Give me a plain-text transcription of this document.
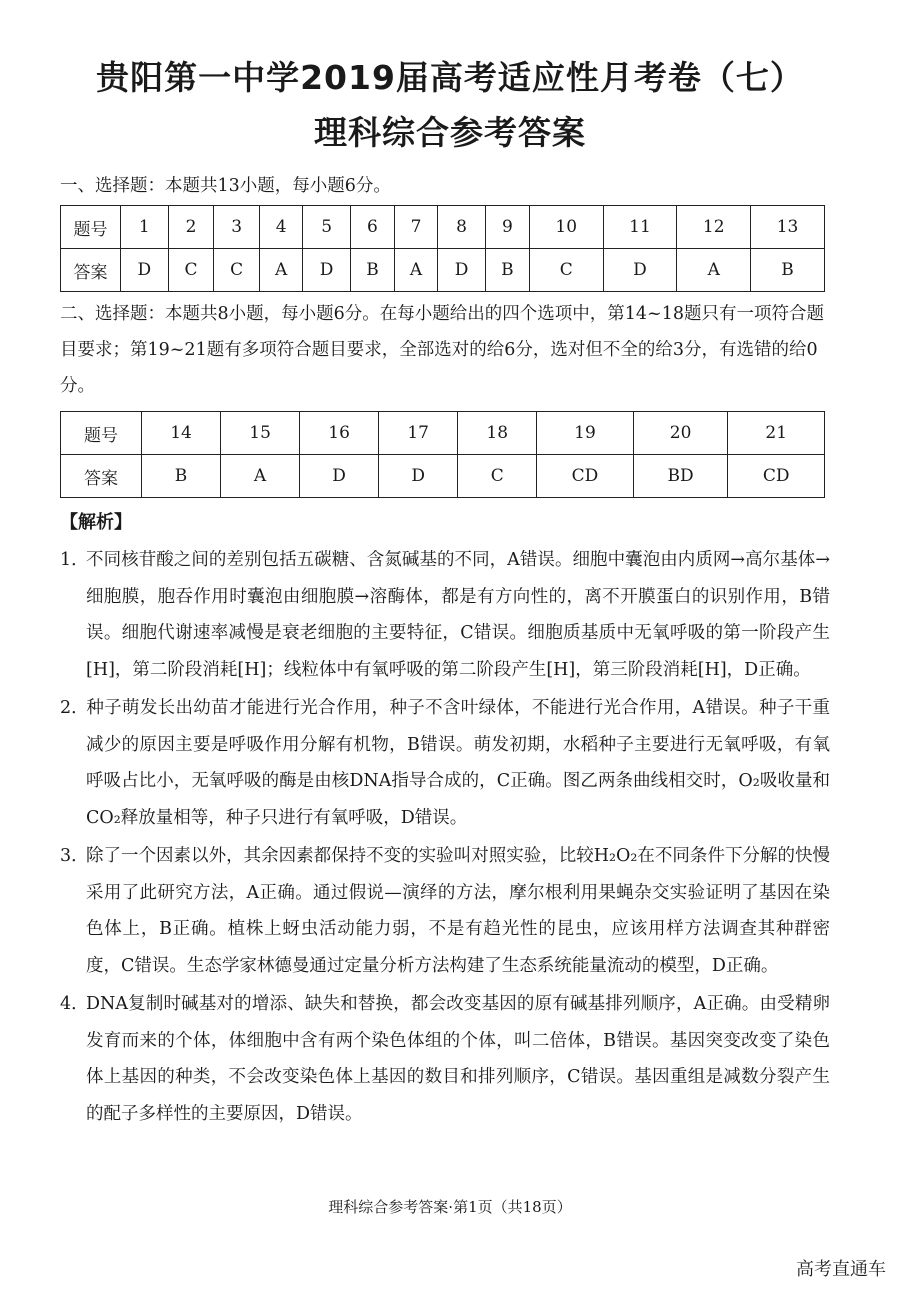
贵阳第一中学2019届高考适应性月考卷（七）
理科综合参考答案
一、选择题：本题共13小题，每小题6分。
题号	1	2	3	4	5	6	7	8	9	10	11	12	13
答案	D	C	C	A	D	B	A	D	B	C	D	A	B
二、选择题：本题共8小题，每小题6分。在每小题给出的四个选项中，第14~18题只有一项符合题目要求；第19~21题有多项符合题目要求，全部选对的给6分，选对但不全的给3分，有选错的给0分。
题号	14	15	16	17	18	19	20	21
答案	B	A	D	D	C	CD	BD	CD
【解析】
1．不同核苷酸之间的差别包括五碳糖、含氮碱基的不同，A错误。细胞中囊泡由内质网→高尔基体→细胞膜，胞吞作用时囊泡由细胞膜→溶酶体，都是有方向性的，离不开膜蛋白的识别作用，B错误。细胞代谢速率减慢是衰老细胞的主要特征，C错误。细胞质基质中无氧呼吸的第一阶段产生[H]，第二阶段消耗[H]；线粒体中有氧呼吸的第二阶段产生[H]，第三阶段消耗[H]，D正确。
2．种子萌发长出幼苗才能进行光合作用，种子不含叶绿体，不能进行光合作用，A错误。种子干重减少的原因主要是呼吸作用分解有机物，B错误。萌发初期，水稻种子主要进行无氧呼吸，有氧呼吸占比小，无氧呼吸的酶是由核DNA指导合成的，C正确。图乙两条曲线相交时，O₂吸收量和CO₂释放量相等，种子只进行有氧呼吸，D错误。
3．除了一个因素以外，其余因素都保持不变的实验叫对照实验，比较H₂O₂在不同条件下分解的快慢采用了此研究方法，A正确。通过假说—演绎的方法，摩尔根利用果蝇杂交实验证明了基因在染色体上，B正确。植株上蚜虫活动能力弱，不是有趋光性的昆虫，应该用样方法调查其种群密度，C错误。生态学家林德曼通过定量分析方法构建了生态系统能量流动的模型，D正确。
4．DNA复制时碱基对的增添、缺失和替换，都会改变基因的原有碱基排列顺序，A正确。由受精卵发育而来的个体，体细胞中含有两个染色体组的个体，叫二倍体，B错误。基因突变改变了染色体上基因的种类，不会改变染色体上基因的数目和排列顺序，C错误。基因重组是减数分裂产生的配子多样性的主要原因，D错误。
理科综合参考答案·第1页（共18页）
高考直通车
